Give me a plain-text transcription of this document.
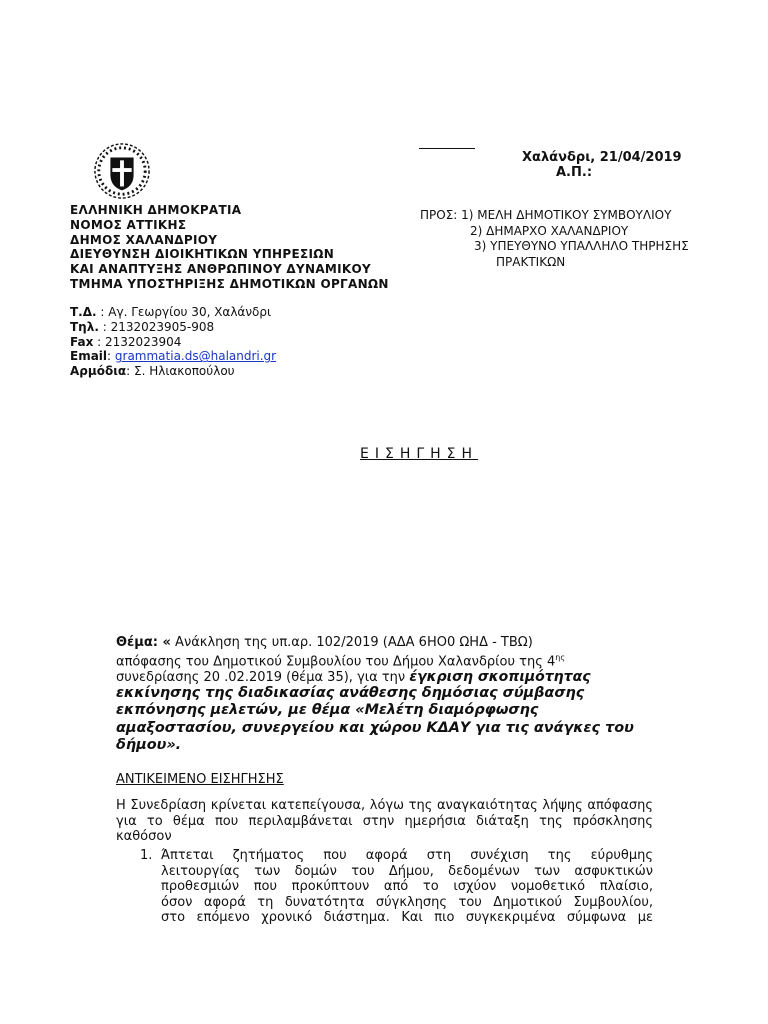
Χαλάνδρι, 21/04/2019
Α.Π.:
ΕΛΛΗΝΙΚΗ ΔΗΜΟΚΡΑΤΙΑ
ΝΟΜΟΣ ΑΤΤΙΚΗΣ
ΔΗΜΟΣ ΧΑΛΑΝΔΡΙΟΥ
ΔΙΕΥΘΥΝΣΗ ΔΙΟΙΚΗΤΙΚΩΝ ΥΠΗΡΕΣΙΩΝ
ΚΑΙ ΑΝΑΠΤΥΞΗΣ ΑΝΘΡΩΠΙΝΟΥ ΔΥΝΑΜΙΚΟΥ
ΤΜΗΜΑ ΥΠΟΣΤΗΡΙΞΗΣ ΔΗΜΟΤΙΚΩΝ ΟΡΓΑΝΩΝ
ΠΡΟΣ: 1) ΜΕΛΗ ΔΗΜΟΤΙΚΟΥ ΣΥΜΒΟΥΛΙΟΥ
2) ΔΗΜΑΡΧΟ ΧΑΛΑΝΔΡΙΟΥ
3) ΥΠΕΥΘΥΝΟ ΥΠΑΛΛΗΛΟ ΤΗΡΗΣΗΣ
ΠΡΑΚΤΙΚΩΝ
Τ.Δ. : Αγ. Γεωργίου 30, Χαλάνδρι
Τηλ. : 2132023905-908
Fax : 2132023904
Email: grammatia.ds@halandri.gr
Αρμόδια: Σ. Ηλιακοπούλου
ΕΙΣΗΓΗΣΗ
Θέμα: « Ανάκληση της υπ.αρ. 102/2019 (ΑΔΑ 6ΗΟ0 ΩΗΔ - ΤΒΩ)
απόφασης του Δημοτικού Συμβουλίου του Δήμου Χαλανδρίου της $4^{\eta\varsigma}$
συνεδρίασης 20 .02.2019 (θέμα 35), για την έγκριση σκοπιμότητας
εκκίνησης της διαδικασίας ανάθεσης δημόσιας σύμβασης
εκπόνησης μελετών, με θέμα «Μελέτη διαμόρφωσης
αμαξοστασίου, συνεργείου και χώρου ΚΔΑΥ για τις ανάγκες του
δήμου».
ΑΝΤΙΚΕΙΜΕΝΟ ΕΙΣΗΓΗΣΗΣ
Η Συνεδρίαση κρίνεται κατεπείγουσα, λόγω της αναγκαιότητας λήψης απόφασης για το θέμα που περιλαμβάνεται στην ημερήσια διάταξη της πρόσκλησης καθόσον
1. Άπτεται ζητήματος που αφορά στη συνέχιση της εύρυθμης
λειτουργίας των δομών του Δήμου, δεδομένων των ασφυκτικών
προθεσμιών που προκύπτουν από το ισχύον νομοθετικό πλαίσιο,
όσον αφορά τη δυνατότητα σύγκλησης του Δημοτικού Συμβουλίου,
στο επόμενο χρονικό διάστημα. Και πιο συγκεκριμένα σύμφωνα με
